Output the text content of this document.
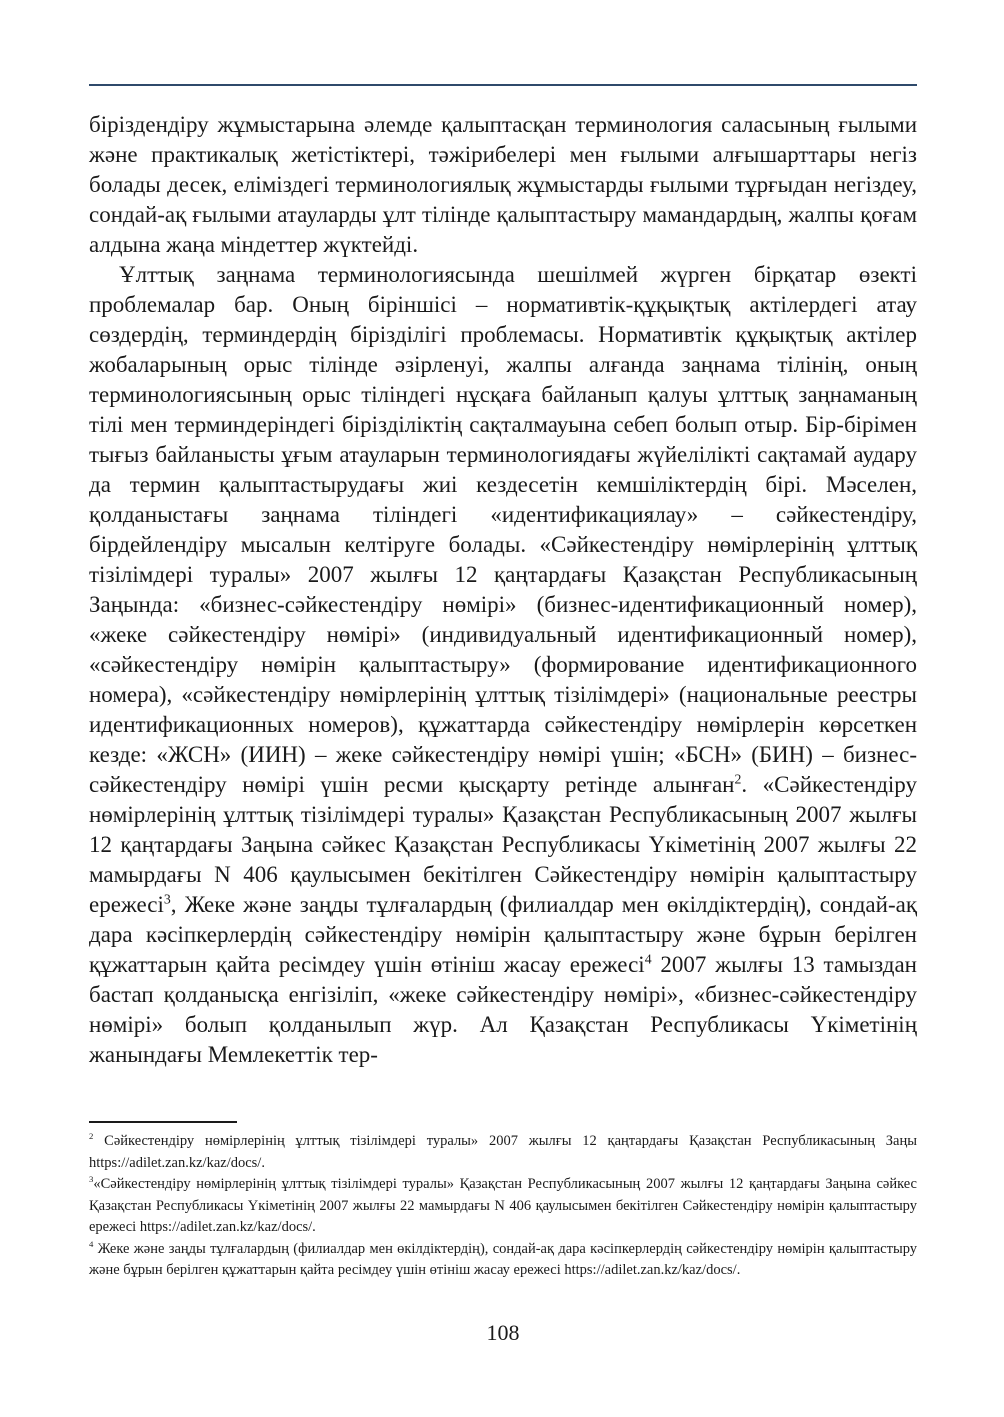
біріздендіру жұмыстарына әлемде қалыптасқан терминология саласының ғылыми және практикалық жетістіктері, тәжірибелері мен ғылыми алғышарттары негіз болады десек, еліміздегі терминологиялық жұмыстарды ғылыми тұрғыдан негіздеу, сондай-ақ ғылыми атауларды ұлт тілінде қалыптастыру мамандардың, жалпы қоғам алдына жаңа міндеттер жүктейді.

Ұлттық заңнама терминологиясында шешілмей жүрген бірқатар өзекті проблемалар бар. Оның біріншісі – нормативтік-құқықтық актілердегі атау сөздердің, терминдердің бірізділігі проблемасы. Нормативтік құқықтық актілер жобаларының орыс тілінде әзірленуі, жалпы алғанда заңнама тілінің, оның терминологиясының орыс тіліндегі нұсқаға байланып қалуы ұлттық заңнаманың тілі мен терминдеріндегі бірізділіктің сақталмауына себеп болып отыр. Бір-бірімен тығыз байланысты ұғым атауларын терминологиядағы жүйелілікті сақтамай аудару да термин қалыптастырудағы жиі кездесетін кемшіліктердің бірі. Мәселен, қолданыстағы заңнама тіліндегі «идентификациялау» – сәйкестендіру, бірдейлендіру мысалын келтіруге болады. «Сәйкестендіру нөмірлерінің ұлттық тізілімдері туралы» 2007 жылғы 12 қаңтардағы Қазақстан Республикасының Заңында: «бизнес-сәйкестендіру нөмірі» (бизнес-идентификационный номер), «жеке сәйкестендіру нөмірі» (индивидуальный идентификационный номер), «сәйкестендіру нөмірін қалыптастыру» (формирование идентификационного номера), «сәйкестендіру нөмірлерінің ұлттық тізілімдері» (национальные реестры идентификационных номеров), құжаттарда сәйкестендіру нөмірлерін көрсеткен кезде: «ЖСН» (ИИН) – жеке сәйкестендіру нөмірі үшін; «БСН» (БИН) – бизнес-сәйкестендіру нөмірі үшін ресми қысқарту ретінде алынған$^2$. «Сәйкестендіру нөмірлерінің ұлттық тізілімдері туралы» Қазақстан Республикасының 2007 жылғы 12 қаңтардағы Заңына сәйкес Қазақстан Республикасы Үкіметінің 2007 жылғы 22 мамырдағы N 406 қаулысымен бекітілген Сәйкестендіру нөмірін қалыптастыру ережесі$^3$, Жеке және заңды тұлғалардың (филиалдар мен өкілдіктердің), сондай-ақ дара кәсіпкерлердің сәйкестендіру нөмірін қалыптастыру және бұрын берілген құжаттарын қайта ресімдеу үшін өтініш жасау ережесі$^4$ 2007 жылғы 13 тамыздан бастап қолданысқа енгізіліп, «жеке сәйкестендіру нөмірі», «бизнес-сәйкестендіру нөмірі» болып қолданылып жүр. Ал Қазақстан Республикасы Үкіметінің жанындағы Мемлекеттік тер-

$^2$ Сәйкестендіру нөмірлерінің ұлттық тізілімдері туралы» 2007 жылғы 12 қаңтардағы Қазақстан Республикасының Заңы https://adilet.zan.kz/kaz/docs/.

$^3$«Сәйкестендіру нөмірлерінің ұлттық тізілімдері туралы» Қазақстан Республикасының 2007 жылғы 12 қаңтардағы Заңына сәйкес Қазақстан Республикасы Үкіметінің 2007 жылғы 22 мамырдағы N 406 қаулысымен бекітілген Сәйкестендіру нөмірін қалыптастыру ережесі https://adilet.zan.kz/kaz/docs/.

$^4$ Жеке және заңды тұлғалардың (филиалдар мен өкілдіктердің), сондай-ақ дара кәсіпкерлердің сәйкестендіру нөмірін қалыптастыру және бұрын берілген құжаттарын қайта ресімдеу үшін өтініш жасау ережесі https://adilet.zan.kz/kaz/docs/.

108
